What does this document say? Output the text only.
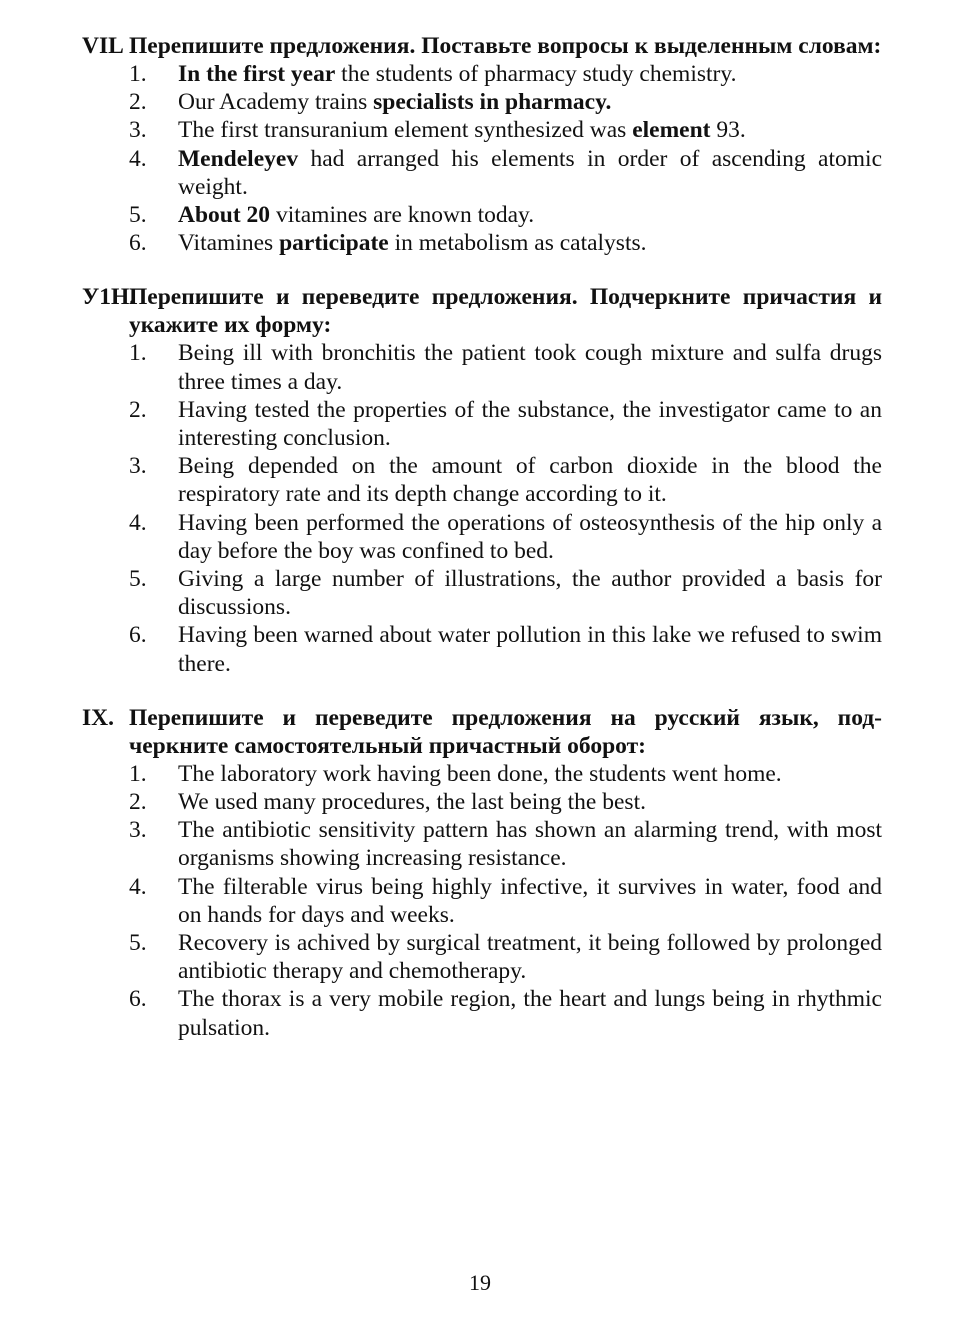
VIL Перепишите предложения. Поставьте вопросы к выделенным словам:
1. In the first year the students of pharmacy study chemistry.
2. Our Academy trains specialists in pharmacy.
3. The first transuranium element synthesized was element 93.
4. Mendeleyev had arranged his elements in order of ascending atomic weight.
5. About 20 vitamines are known today.
6. Vitamines participate in metabolism as catalysts.
У1Н.
Перепишите и переведите предложения. Подчеркните причастия и укажите их форму:
1. Being ill with bronchitis the patient took cough mixture and sulfa drugs three times a day.
2. Having tested the properties of the substance, the investigator came to an interesting conclusion.
3. Being depended on the amount of carbon dioxide in the blood the respiratory rate and its depth change according to it.
4. Having been performed the operations of osteosynthesis of the hip only a day before the boy was confined to bed.
5. Giving a large number of illustrations, the author provided a basis for discussions.
6. Having been warned about water pollution in this lake we refused to swim there.
IX. Перепишите и переведите предложения на русский язык, подчеркните самостоятельный причастный оборот:
1. The laboratory work having been done, the students went home.
2. We used many procedures, the last being the best.
3. The antibiotic sensitivity pattern has shown an alarming trend, with most organisms showing increasing resistance.
4. The filterable virus being highly infective, it survives in water, food and on hands for days and weeks.
5. Recovery is achived by surgical treatment, it being followed by prolonged antibiotic therapy and chemotherapy.
6. The thorax is a very mobile region, the heart and lungs being in rhythmic pulsation.
19
